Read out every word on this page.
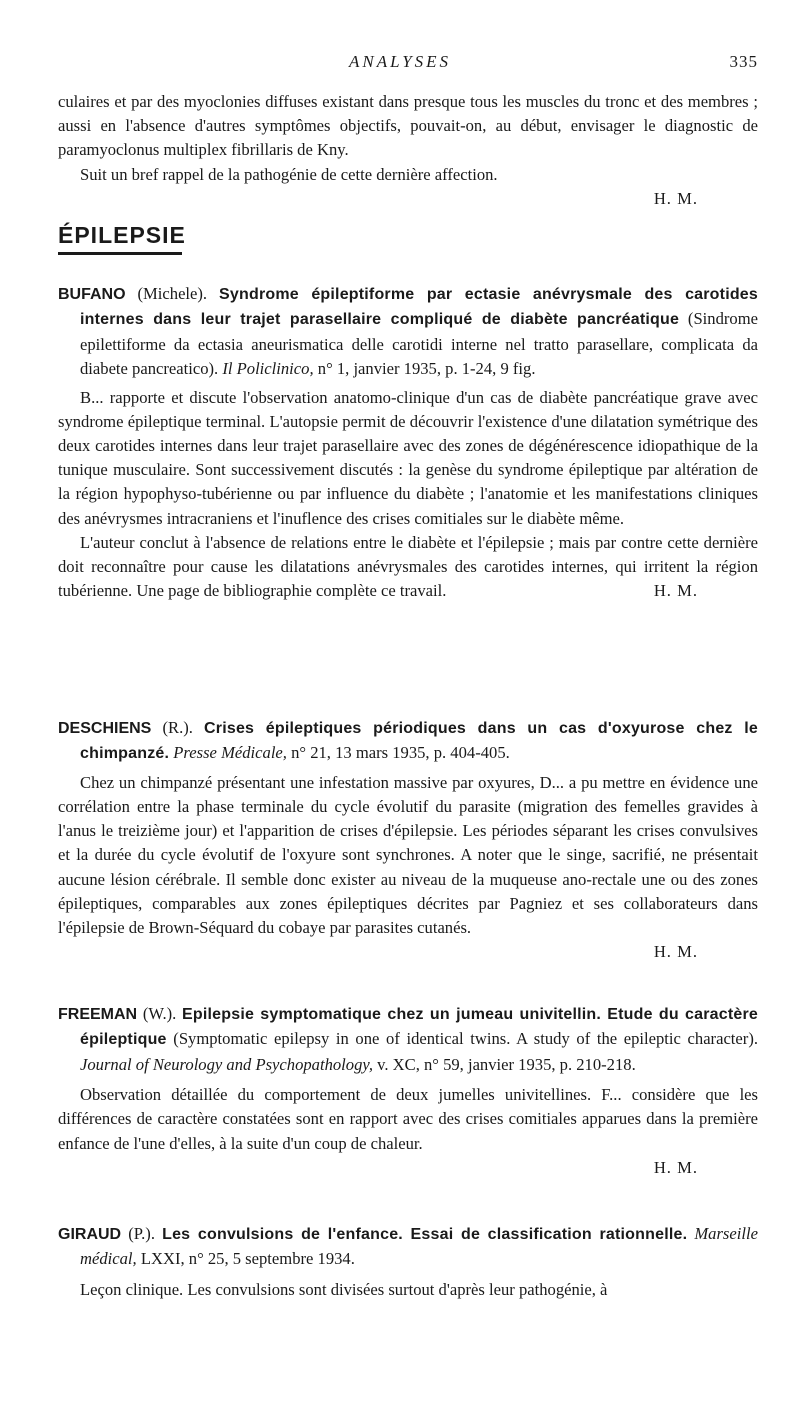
ANALYSES	335

culaires et par des myoclonies diffuses existant dans presque tous les muscles du tronc et des membres ; aussi en l'absence d'autres symptômes objectifs, pouvait-on, au début, envisager le diagnostic de paramyoclonus multiplex fibrillaris de Kny.

Suit un bref rappel de la pathogénie de cette dernière affection.

H. M.

ÉPILEPSIE

BUFANO (Michele). Syndrome épileptiforme par ectasie anévrysmale des carotides internes dans leur trajet parasellaire compliqué de diabète pancréatique (Sindrome epilettiforme da ectasia aneurismatica delle carotidi interne nel tratto parasellare, complicata da diabete pancreatico). Il Policlinico, n° 1, janvier 1935, p. 1-24, 9 fig.

B... rapporte et discute l'observation anatomo-clinique d'un cas de diabète pancréatique grave avec syndrome épileptique terminal. L'autopsie permit de découvrir l'existence d'une dilatation symétrique des deux carotides internes dans leur trajet parasellaire avec des zones de dégénérescence idiopathique de la tunique musculaire. Sont successivement discutés : la genèse du syndrome épileptique par altération de la région hypophyso-tubérienne ou par influence du diabète ; l'anatomie et les manifestations cliniques des anévrysmes intracraniens et l'inuflence des crises comitiales sur le diabète même.

L'auteur conclut à l'absence de relations entre le diabète et l'épilepsie ; mais par contre cette dernière doit reconnaître pour cause les dilatations anévrysmales des carotides internes, qui irritent la région tubérienne. Une page de bibliographie complète ce travail.	H. M.

DESCHIENS (R.). Crises épileptiques périodiques dans un cas d'oxyurose chez le chimpanzé. Presse Médicale, n° 21, 13 mars 1935, p. 404-405.

Chez un chimpanzé présentant une infestation massive par oxyures, D... a pu mettre en évidence une corrélation entre la phase terminale du cycle évolutif du parasite (migration des femelles gravides à l'anus le treizième jour) et l'apparition de crises d'épilepsie. Les périodes séparant les crises convulsives et la durée du cycle évolutif de l'oxyure sont synchrones. A noter que le singe, sacrifié, ne présentait aucune lésion cérébrale. Il semble donc exister au niveau de la muqueuse ano-rectale une ou des zones épileptiques, comparables aux zones épileptiques décrites par Pagniez et ses collaborateurs dans l'épilepsie de Brown-Séquard du cobaye par parasites cutanés.

H. M.

FREEMAN (W.). Epilepsie symptomatique chez un jumeau univitellin. Etude du caractère épileptique (Symptomatic epilepsy in one of identical twins. A study of the epileptic character). Journal of Neurology and Psychopathology, v. XC, n° 59, janvier 1935, p. 210-218.

Observation détaillée du comportement de deux jumelles univitellines. F... considère que les différences de caractère constatées sont en rapport avec des crises comitiales apparues dans la première enfance de l'une d'elles, à la suite d'un coup de chaleur.

H. M.

GIRAUD (P.). Les convulsions de l'enfance. Essai de classification rationnelle. Marseille médical, LXXI, n° 25, 5 septembre 1934.

Leçon clinique. Les convulsions sont divisées surtout d'après leur pathogénie, à
